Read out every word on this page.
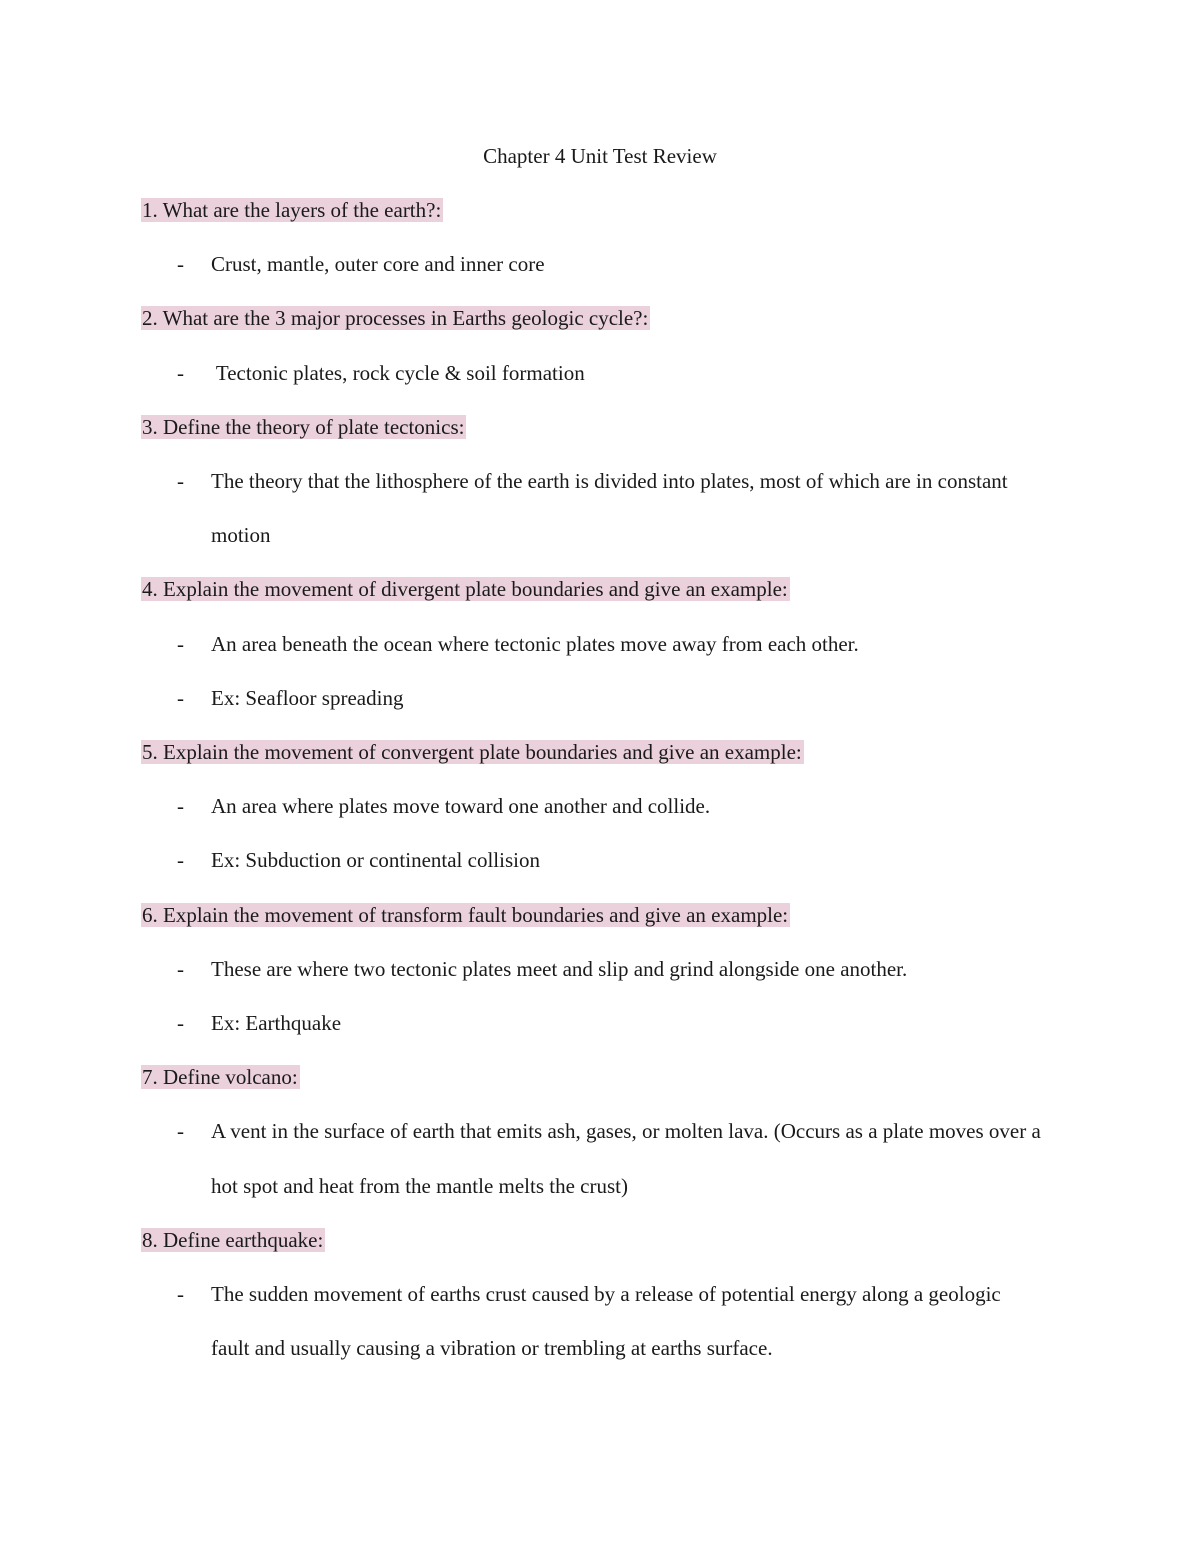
Chapter 4 Unit Test Review
1. What are the layers of the earth?:
- Crust, mantle, outer core and inner core
2. What are the 3 major processes in Earths geologic cycle?:
- Tectonic plates, rock cycle & soil formation
3. Define the theory of plate tectonics:
- The theory that the lithosphere of the earth is divided into plates, most of which are in constant motion
4. Explain the movement of divergent plate boundaries and give an example:
- An area beneath the ocean where tectonic plates move away from each other.
- Ex: Seafloor spreading
5. Explain the movement of convergent plate boundaries and give an example:
- An area where plates move toward one another and collide.
- Ex: Subduction or continental collision
6. Explain the movement of transform fault boundaries and give an example:
- These are where two tectonic plates meet and slip and grind alongside one another.
- Ex: Earthquake
7. Define volcano:
- A vent in the surface of earth that emits ash, gases, or molten lava. (Occurs as a plate moves over a hot spot and heat from the mantle melts the crust)
8. Define earthquake:
- The sudden movement of earths crust caused by a release of potential energy along a geologic fault and usually causing a vibration or trembling at earths surface.
